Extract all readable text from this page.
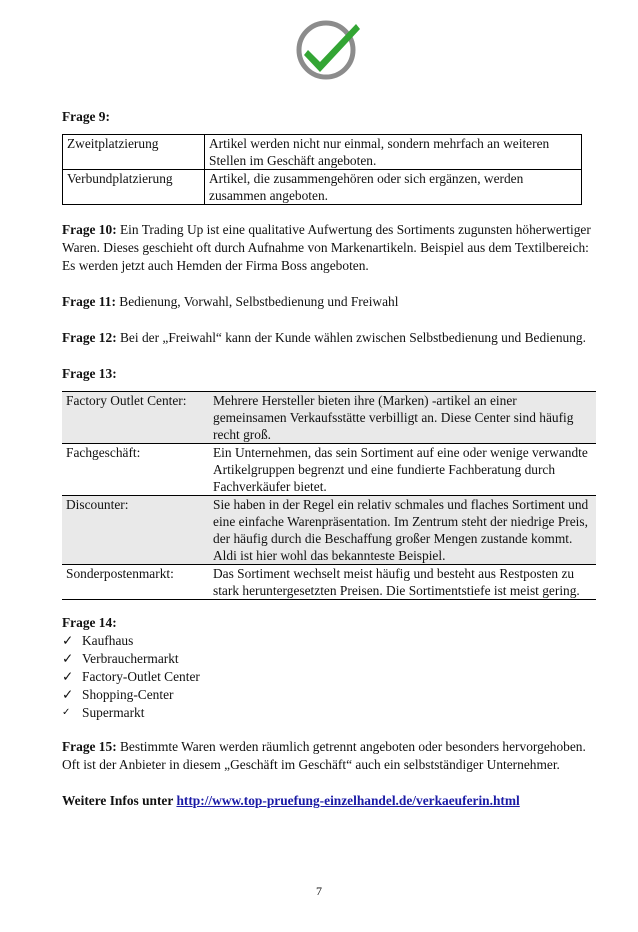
Frage 9:

Zweitplatzierung	Artikel werden nicht nur einmal, sondern mehrfach an weiteren Stellen im Geschäft angeboten.
Verbundplatzierung	Artikel, die zusammengehören oder sich ergänzen, werden zusammen angeboten.

Frage 10: Ein Trading Up ist eine qualitative Aufwertung des Sortiments zugunsten höherwertiger Waren. Dieses geschieht oft durch Aufnahme von Markenartikeln. Beispiel aus dem Textilbereich: Es werden jetzt auch Hemden der Firma Boss angeboten.

Frage 11: Bedienung, Vorwahl, Selbstbedienung und Freiwahl

Frage 12: Bei der „Freiwahl“ kann der Kunde wählen zwischen Selbstbedienung und Bedienung.

Frage 13:

Factory Outlet Center:	Mehrere Hersteller bieten ihre (Marken) -artikel an einer gemeinsamen Verkaufsstätte verbilligt an. Diese Center sind häufig recht groß.
Fachgeschäft:	Ein Unternehmen, das sein Sortiment auf eine oder wenige verwandte Artikelgruppen begrenzt und eine fundierte Fachberatung durch Fachverkäufer bietet.
Discounter:	Sie haben in der Regel ein relativ schmales und flaches Sortiment und eine einfache Warenpräsentation. Im Zentrum steht der niedrige Preis, der häufig durch die Beschaffung großer Mengen zustande kommt. Aldi ist hier wohl das bekannteste Beispiel.
Sonderpostenmarkt:	Das Sortiment wechselt meist häufig und besteht aus Restposten zu stark heruntergesetzten Preisen. Die Sortimentstiefe ist meist gering.

Frage 14:

✓ Kaufhaus
✓ Verbrauchermarkt
✓ Factory-Outlet Center
✓ Shopping-Center
✓ Supermarkt

Frage 15: Bestimmte Waren werden räumlich getrennt angeboten oder besonders hervorgehoben. Oft ist der Anbieter in diesem „Geschäft im Geschäft“ auch ein selbstständiger Unternehmer.

Weitere Infos unter http://www.top-pruefung-einzelhandel.de/verkaeuferin.html

7
